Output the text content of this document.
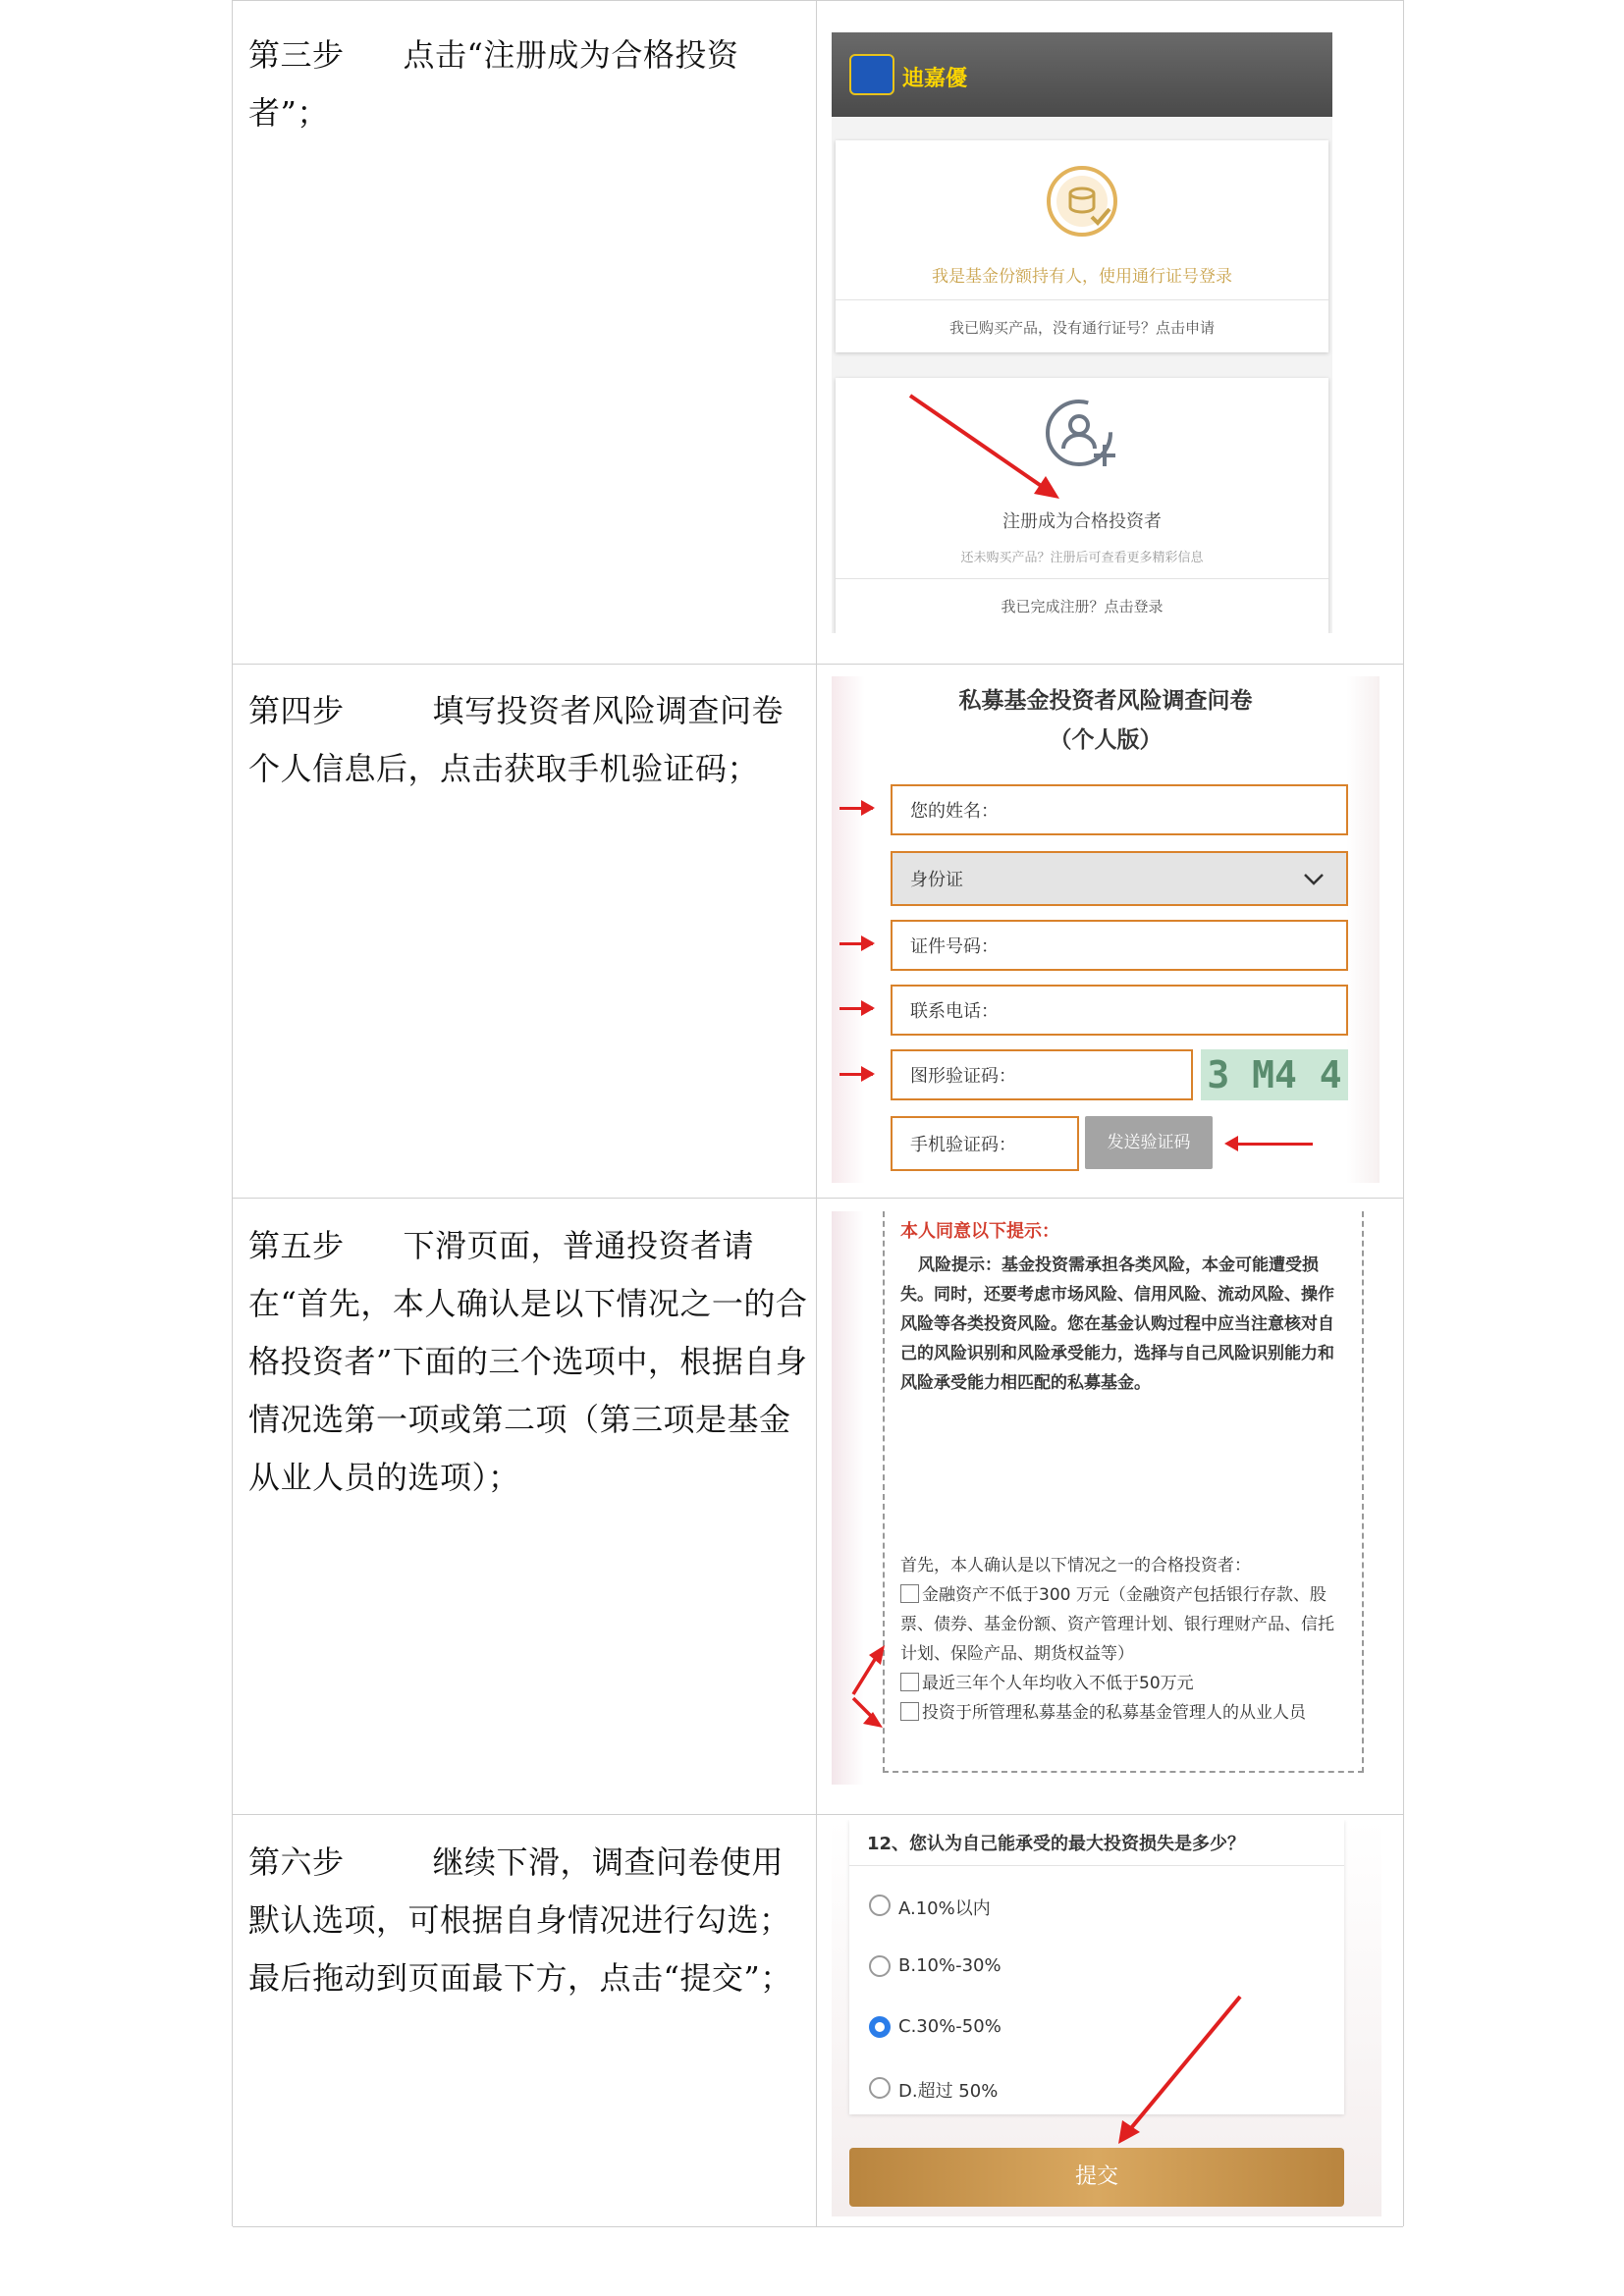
第三步 点击“注册成为合格投资者”；
迪嘉優
我是基金份额持有人，使用通行证号登录
我已购买产品，没有通行证号？点击申请
注册成为合格投资者
还未购买产品？注册后可查看更多精彩信息
我已完成注册？点击登录
第四步	填写投资者风险调查问卷个人信息后，点击获取手机验证码；
私募基金投资者风险调查问卷
（个人版）
您的姓名：
身份证
证件号码：
联系电话：
图形验证码：	3 M4 4
手机验证码：	发送验证码
第五步 下滑页面，普通投资者请在“首先，本人确认是以下情况之一的合格投资者”下面的三个选项中，根据自身情况选第一项或第二项（第三项是基金从业人员的选项）；
本人同意以下提示：
风险提示：基金投资需承担各类风险，本金可能遭受损失。同时，还要考虑市场风险、信用风险、流动风险、操作风险等各类投资风险。您在基金认购过程中应当注意核对自己的风险识别和风险承受能力，选择与自己风险识别能力和风险承受能力相匹配的私募基金。
首先，本人确认是以下情况之一的合格投资者：
金融资产不低于300 万元（金融资产包括银行存款、股票、债券、基金份额、资产管理计划、银行理财产品、信托计划、保险产品、期货权益等）
最近三年个人年均收入不低于50万元
投资于所管理私募基金的私募基金管理人的从业人员
第六步	继续下滑，调查问卷使用默认选项，可根据自身情况进行勾选；最后拖动到页面最下方，点击“提交”；
12、您认为自己能承受的最大投资损失是多少？
A.10%以内
B.10%-30%
C.30%-50%
D.超过 50%
提交
